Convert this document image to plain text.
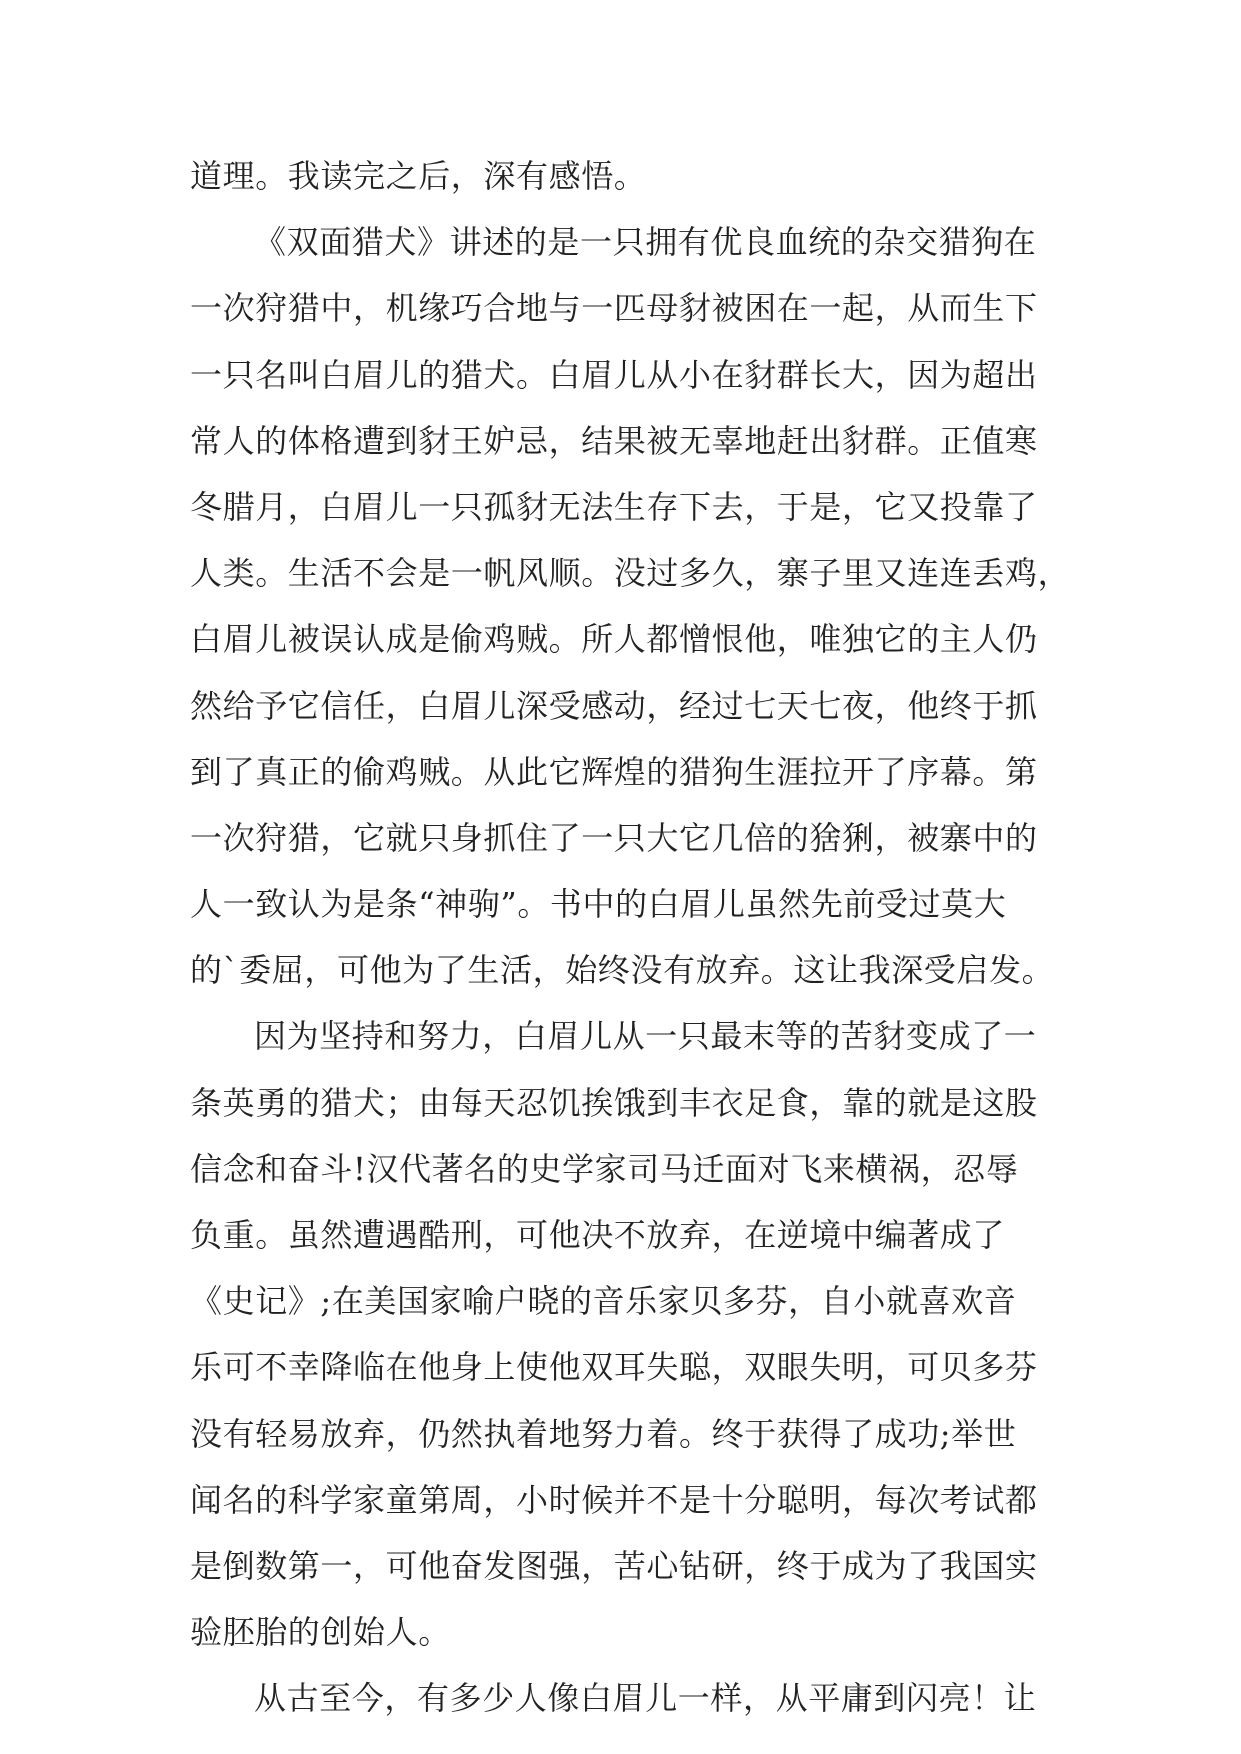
道理。我读完之后，深有感悟。
《双面猎犬》讲述的是一只拥有优良血统的杂交猎狗在
一次狩猎中，机缘巧合地与一匹母豺被困在一起，从而生下
一只名叫白眉儿的猎犬。白眉儿从小在豺群长大，因为超出
常人的体格遭到豺王妒忌，结果被无辜地赶出豺群。正值寒
冬腊月，白眉儿一只孤豺无法生存下去，于是，它又投靠了
人类。生活不会是一帆风顺。没过多久，寨子里又连连丢鸡，
白眉儿被误认成是偷鸡贼。所人都憎恨他，唯独它的主人仍
然给予它信任，白眉儿深受感动，经过七天七夜，他终于抓
到了真正的偷鸡贼。从此它辉煌的猎狗生涯拉开了序幕。第
一次狩猎，它就只身抓住了一只大它几倍的猞猁，被寨中的
人一致认为是条“神驹”。书中的白眉儿虽然先前受过莫大
的`委屈，可他为了生活，始终没有放弃。这让我深受启发。
因为坚持和努力，白眉儿从一只最末等的苦豺变成了一
条英勇的猎犬；由每天忍饥挨饿到丰衣足食，靠的就是这股
信念和奋斗!汉代著名的史学家司马迁面对飞来横祸，忍辱
负重。虽然遭遇酷刑，可他决不放弃，在逆境中编著成了
《史记》;在美国家喻户晓的音乐家贝多芬，自小就喜欢音
乐可不幸降临在他身上使他双耳失聪，双眼失明，可贝多芬
没有轻易放弃，仍然执着地努力着。终于获得了成功;举世
闻名的科学家童第周，小时候并不是十分聪明，每次考试都
是倒数第一，可他奋发图强，苦心钻研，终于成为了我国实
验胚胎的创始人。
从古至今，有多少人像白眉儿一样，从平庸到闪亮！让
